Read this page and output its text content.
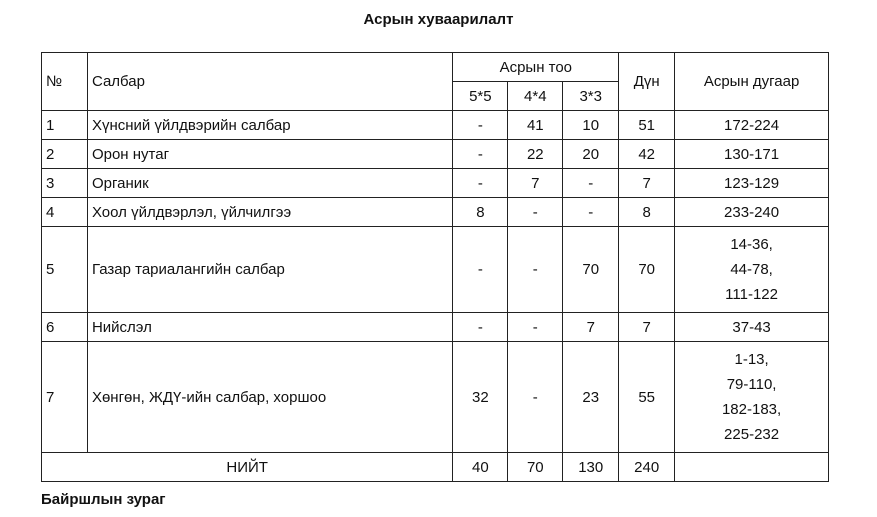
Асрын хуваарилалт
№	Салбар	Асрын тоо			Дүн	Асрын дугаар
		5*5	4*4	3*3		
1	Хүнсний үйлдвэрийн салбар	-	41	10	51	172-224
2	Орон нутаг	-	22	20	42	130-171
3	Органик	-	7	-	7	123-129
4	Хоол үйлдвэрлэл, үйлчилгээ	8	-	-	8	233-240
5	Газар тариалангийн салбар	-	-	70	70	14-36,
44-78,
111-122

6	Нийслэл	-	-	7	7	37-43
7	Хөнгөн, ЖДҮ-ийн салбар, хоршоо	32	-	23	55	1-13,
79-110,
182-183,
225-232

НИЙТ		40	70	130	240	
Байршлын зураг
